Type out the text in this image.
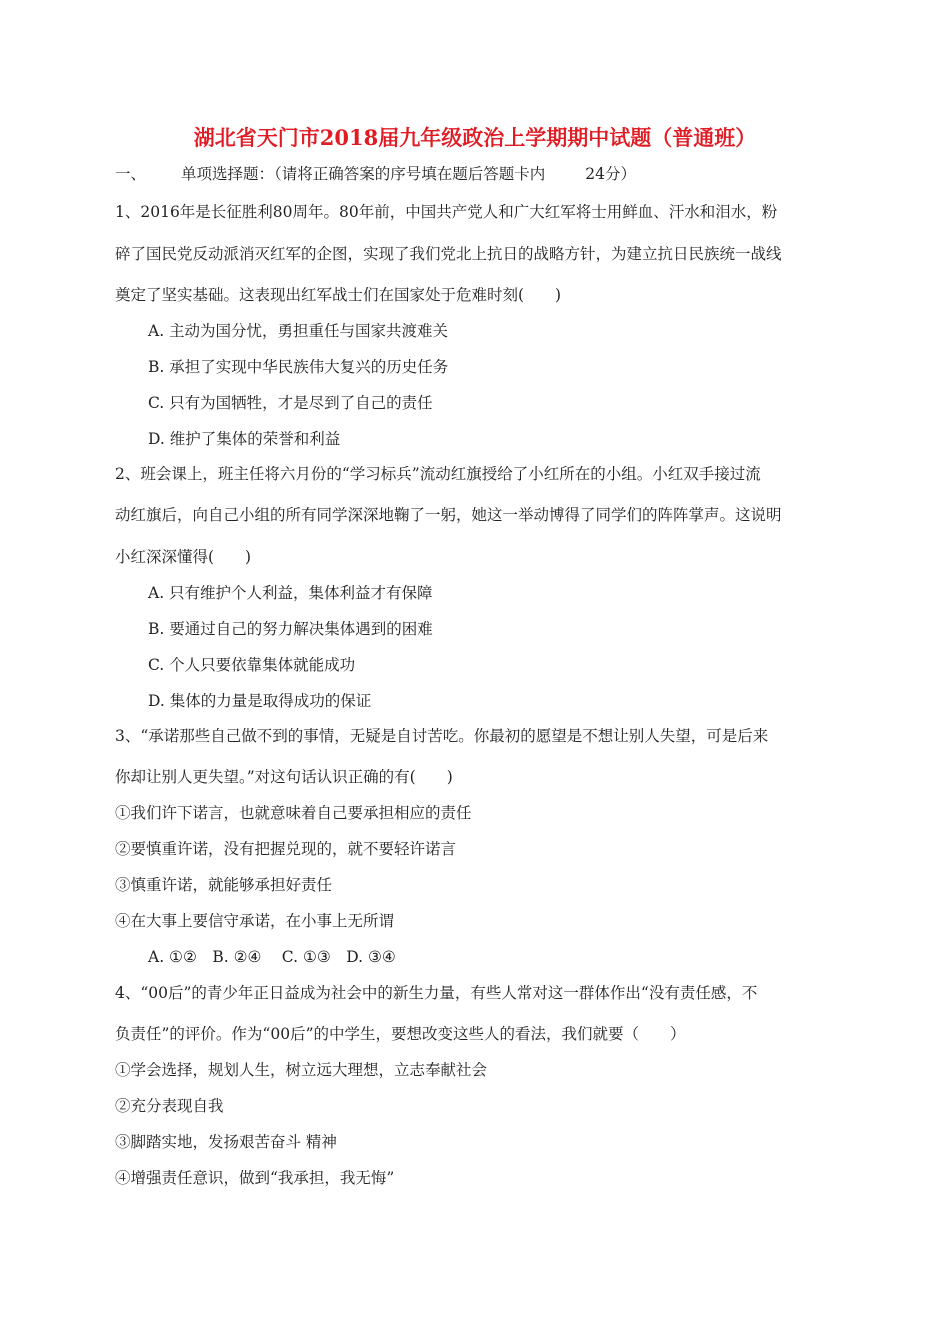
湖北省天门市2018届九年级政治上学期期中试题（普通班）
一、 单项选择题：（请将正确答案的序号填在题后答题卡内	24分）
1、2016年是长征胜利80周年。80年前，中国共产党人和广大红军将士用鲜血、汗水和泪水，粉
碎了国民党反动派消灭红军的企图，实现了我们党北上抗日的战略方针，为建立抗日民族统一战线
奠定了坚实基础。这表现出红军战士们在国家处于危难时刻(　　)
A. 主动为国分忧，勇担重任与国家共渡难关
B. 承担了实现中华民族伟大复兴的历史任务
C. 只有为国牺牲，才是尽到了自己的责任
D. 维护了集体的荣誉和利益
2、班会课上，班主任将六月份的“学习标兵”流动红旗授给了小红所在的小组。小红双手接过流
动红旗后，向自己小组的所有同学深深地鞠了一躬，她这一举动博得了同学们的阵阵掌声。这说明
小红深深懂得(　　)
A. 只有维护个人利益，集体利益才有保障
B. 要通过自己的努力解决集体遇到的困难
C. 个人只要依靠集体就能成功
D. 集体的力量是取得成功的保证
3、“承诺那些自己做不到的事情，无疑是自讨苦吃。你最初的愿望是不想让别人失望，可是后来
你却让别人更失望。”对这句话认识正确的有(　　)
①我们许下诺言，也就意味着自己要承担相应的责任
②要慎重许诺，没有把握兑现的，就不要轻许诺言
③慎重许诺，就能够承担好责任
④在大事上要信守承诺，在小事上无所谓
A. ①②　B. ②④　 C. ①③　D. ③④
4、“00后”的青少年正日益成为社会中的新生力量，有些人常对这一群体作出“没有责任感，不
负责任”的评价。作为“00后”的中学生，要想改变这些人的看法，我们就要（　　）
①学会选择，规划人生，树立远大理想，立志奉献社会
②充分表现自我
③脚踏实地，发扬艰苦奋斗 精神
④增强责任意识，做到“我承担，我无悔”
